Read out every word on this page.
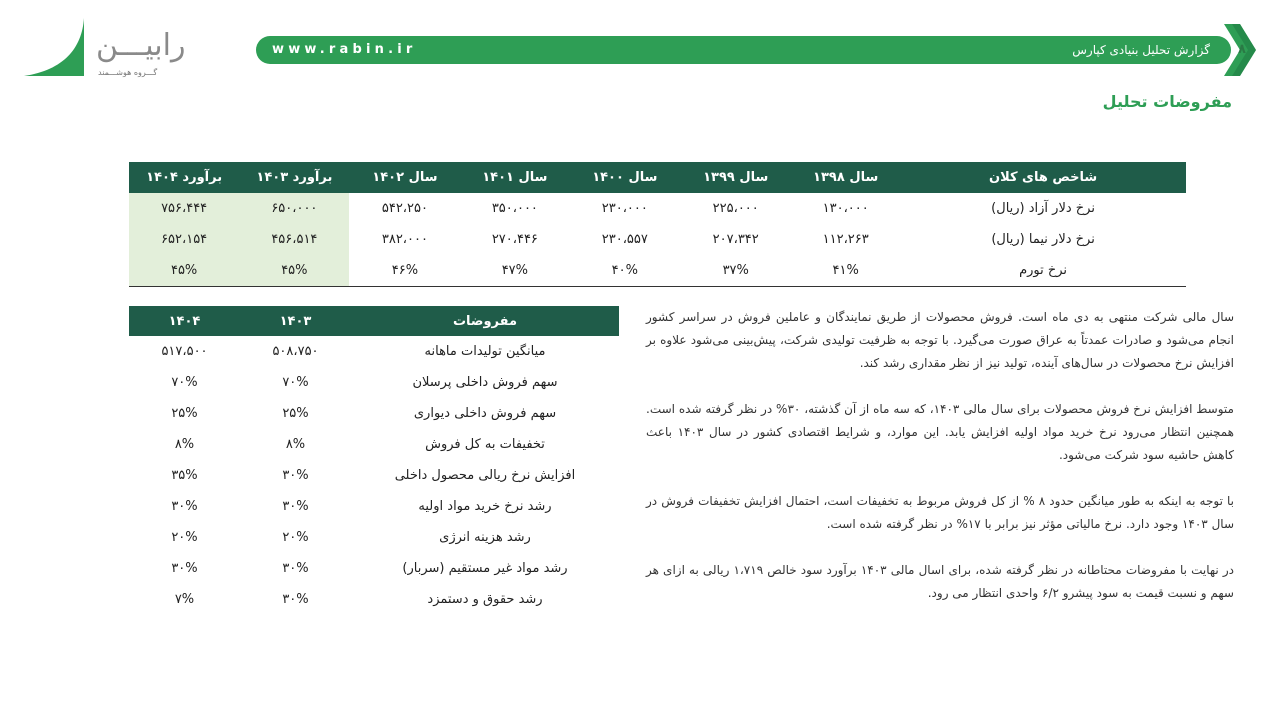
رابیـــن
گـــروه هوشـــمند
www.rabin.ir	گزارش تحلیل بنیادی کپارس ۸
مفروضات تحلیل
شاخص های کلان	سال ۱۳۹۸	سال ۱۳۹۹	سال ۱۴۰۰	سال ۱۴۰۱	سال ۱۴۰۲	برآورد ۱۴۰۳	برآورد ۱۴۰۴
نرخ دلار آزاد (ریال)	۱۳۰،۰۰۰	۲۲۵،۰۰۰	۲۳۰،۰۰۰	۳۵۰،۰۰۰	۵۴۲،۲۵۰	۶۵۰،۰۰۰	۷۵۶،۴۴۴
نرخ دلار نیما (ریال)	۱۱۲،۲۶۳	۲۰۷،۳۴۲	۲۳۰،۵۵۷	۲۷۰،۴۴۶	۳۸۲،۰۰۰	۴۵۶،۵۱۴	۶۵۲،۱۵۴
نرخ تورم	۴۱%	۳۷%	۴۰%	۴۷%	۴۶%	۴۵%	۴۵%
مفروضات	۱۴۰۳	۱۴۰۴
میانگین تولیدات ماهانه	۵۰۸،۷۵۰	۵۱۷،۵۰۰
سهم فروش داخلی پرسلان	۷۰%	۷۰%
سهم فروش داخلی دیواری	۲۵%	۲۵%
تخفیفات به کل فروش	۸%	۸%
افزایش نرخ ریالی محصول داخلی	۳۰%	۳۵%
رشد نرخ خرید مواد اولیه	۳۰%	۳۰%
رشد هزینه انرژی	۲۰%	۲۰%
رشد مواد غیر مستقیم (سربار)	۳۰%	۳۰%
رشد حقوق و دستمزد	۳۰%	۷%

سال مالی شرکت منتهی به دی ماه است. فروش محصولات از طریق نمایندگان و عاملین فروش در سراسر کشور انجام می‌شود و صادرات عمدتاً به عراق صورت می‌گیرد. با توجه به ظرفیت تولیدی شرکت، پیش‌بینی می‌شود علاوه بر افزایش نرخ محصولات در سال‌های آینده، تولید نیز از نظر مقداری رشد کند.

متوسط افزایش نرخ فروش محصولات برای سال مالی ۱۴۰۳، که سه ماه از آن گذشته، ۳۰% در نظر گرفته شده است. همچنین انتظار می‌رود نرخ خرید مواد اولیه افزایش یابد. این موارد، و شرایط اقتصادی کشور در سال ۱۴۰۳ باعث کاهش حاشیه سود شرکت می‌شود.

با توجه به اینکه به طور میانگین حدود ۸ % از کل فروش مربوط به تخفیفات است، احتمال افزایش تخفیفات فروش در سال ۱۴۰۳ وجود دارد. نرخ مالیاتی مؤثر نیز برابر با ۱۷% در نظر گرفته شده است.

در نهایت با مفروضات محتاطانه در نظر گرفته شده، برای اسال مالی ۱۴۰۳ برآورد سود خالص ۱،۷۱۹ ریالی به ازای هر سهم و نسبت قیمت به سود پیشرو ۶/۲ واحدی انتظار می رود.
